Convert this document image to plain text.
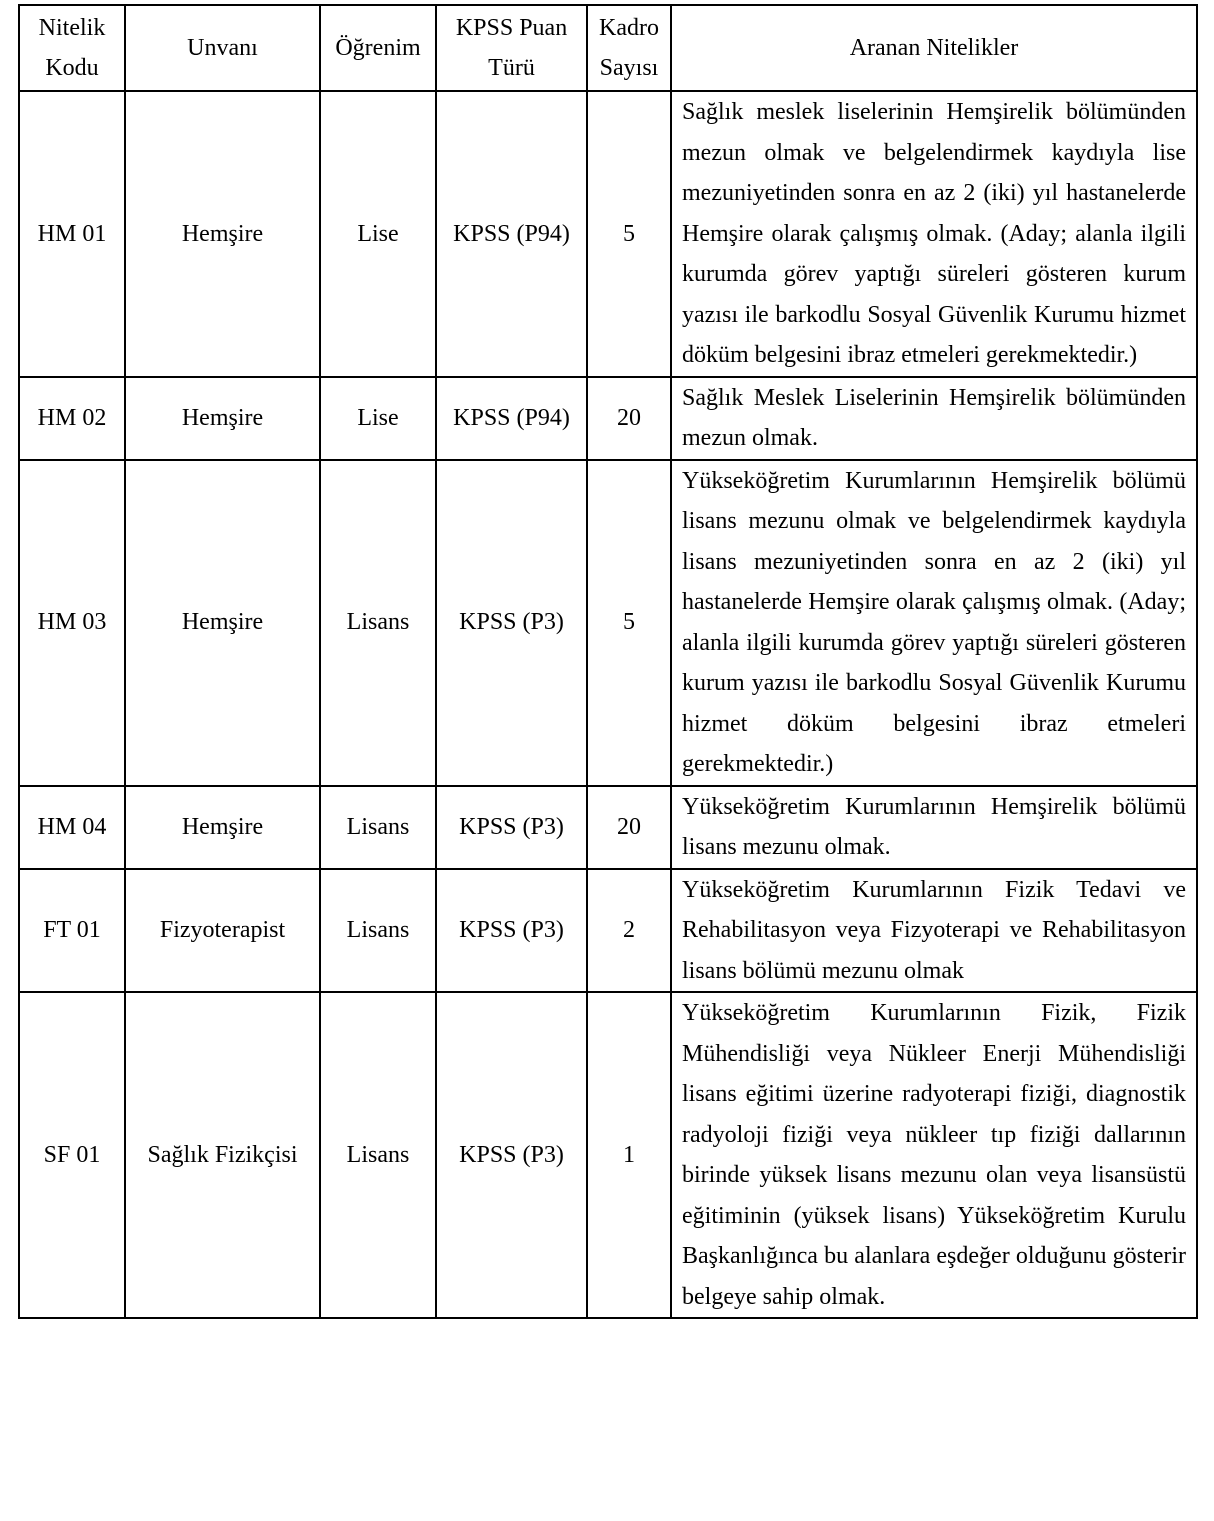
Nitelik Kodu	Unvanı	Öğrenim	KPSS Puan Türü	Kadro Sayısı	Aranan Nitelikler
HM 01	Hemşire	Lise	KPSS (P94)	5	Sağlık meslek liselerinin Hemşirelik bölümünden mezun olmak ve belgelendirmek kaydıyla lise mezuniyetinden sonra en az 2 (iki) yıl hastanelerde Hemşire olarak çalışmış olmak. (Aday; alanla ilgili kurumda görev yaptığı süreleri gösteren kurum yazısı ile barkodlu Sosyal Güvenlik Kurumu hizmet döküm belgesini ibraz etmeleri gerekmektedir.)
HM 02	Hemşire	Lise	KPSS (P94)	20	Sağlık Meslek Liselerinin Hemşirelik bölümünden mezun olmak.
HM 03	Hemşire	Lisans	KPSS (P3)	5	Yükseköğretim Kurumlarının Hemşirelik bölümü lisans mezunu olmak ve belgelendirmek kaydıyla lisans mezuniyetinden sonra en az 2 (iki) yıl hastanelerde Hemşire olarak çalışmış olmak. (Aday; alanla ilgili kurumda görev yaptığı süreleri gösteren kurum yazısı ile barkodlu Sosyal Güvenlik Kurumu hizmet döküm belgesini ibraz etmeleri gerekmektedir.)
HM 04	Hemşire	Lisans	KPSS (P3)	20	Yükseköğretim Kurumlarının Hemşirelik bölümü lisans mezunu olmak.
FT 01	Fizyoterapist	Lisans	KPSS (P3)	2	Yükseköğretim Kurumlarının Fizik Tedavi ve Rehabilitasyon veya Fizyoterapi ve Rehabilitasyon lisans bölümü mezunu olmak
SF 01	Sağlık Fizikçisi	Lisans	KPSS (P3)	1	Yükseköğretim Kurumlarının Fizik, Fizik Mühendisliği veya Nükleer Enerji Mühendisliği lisans eğitimi üzerine radyoterapi fiziği, diagnostik radyoloji fiziği veya nükleer tıp fiziği dallarının birinde yüksek lisans mezunu olan veya lisansüstü eğitiminin (yüksek lisans) Yükseköğretim Kurulu Başkanlığınca bu alanlara eşdeğer olduğunu gösterir belgeye sahip olmak.
